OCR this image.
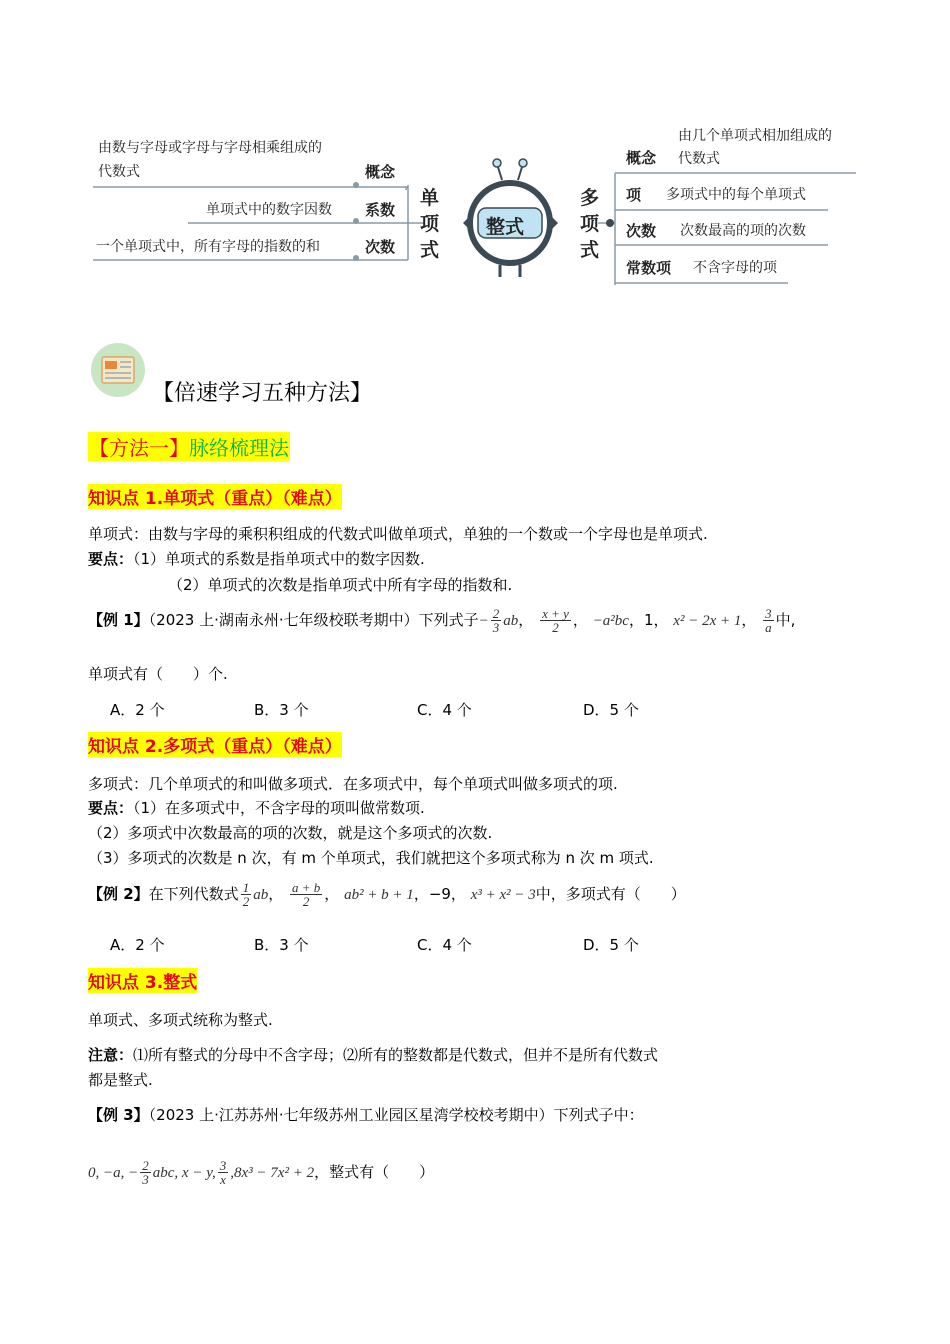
由数与字母或字母与字母相乘组成的
代数式	概念
单项式中的数字因数 系数
一个单项式中，所有字母的指数的和	次数
单
项
式
整式
多
项
式
概念
由几个单项式相加组成的
代数式
项 多项式中的每个单项式
次数 次数最高的项的次数
常数项 不含字母的项
【倍速学习五种方法】
【方法一】脉络梳理法
知识点 1.单项式（重点）（难点）
单项式：由数与字母的乘积积组成的代数式叫做单项式，单独的一个数或一个字母也是单项式.
要点：（1）单项式的系数是指单项式中的数字因数.
（2）单项式的次数是指单项式中所有字母的指数和.
【例 1】（2023 上·湖南永州·七年级校联考期中）下列式子− $\frac{2}{3}$ ab， $\frac{x + y}{2}$ ， −a²bc，1， x² − 2x + 1， $\frac{3}{a}$ 中,
单项式有（　　）个.
A．2 个	B．3 个	C．4 个	D．5 个
知识点 2.多项式（重点）（难点）
多项式：几个单项式的和叫做多项式．在多项式中，每个单项式叫做多项式的项.
要点：（1）在多项式中，不含字母的项叫做常数项.
（2）多项式中次数最高的项的次数，就是这个多项式的次数.
（3）多项式的次数是 n 次，有 m 个单项式，我们就把这个多项式称为 n 次 m 项式.
【例 2】在下列代数式 $\frac{1}{2}$ ab， $\frac{a + b}{2}$ ， ab² + b + 1，−9， x³ + x² − 3中，多项式有（　　）
A．2 个	B．3 个	C．4 个	D．5 个
知识点 3.整式
单项式、多项式统称为整式.
注意：⑴所有整式的分母中不含字母；⑵所有的整数都是代数式，但并不是所有代数式
都是整式.
【例 3】（2023 上·江苏苏州·七年级苏州工业园区星湾学校校考期中）下列式子中：
0, −a, − $\frac{2}{3}$ abc, x − y, $\frac{3}{x} ,8x^3 - 7x^2 + 2$，整式有（　　）
